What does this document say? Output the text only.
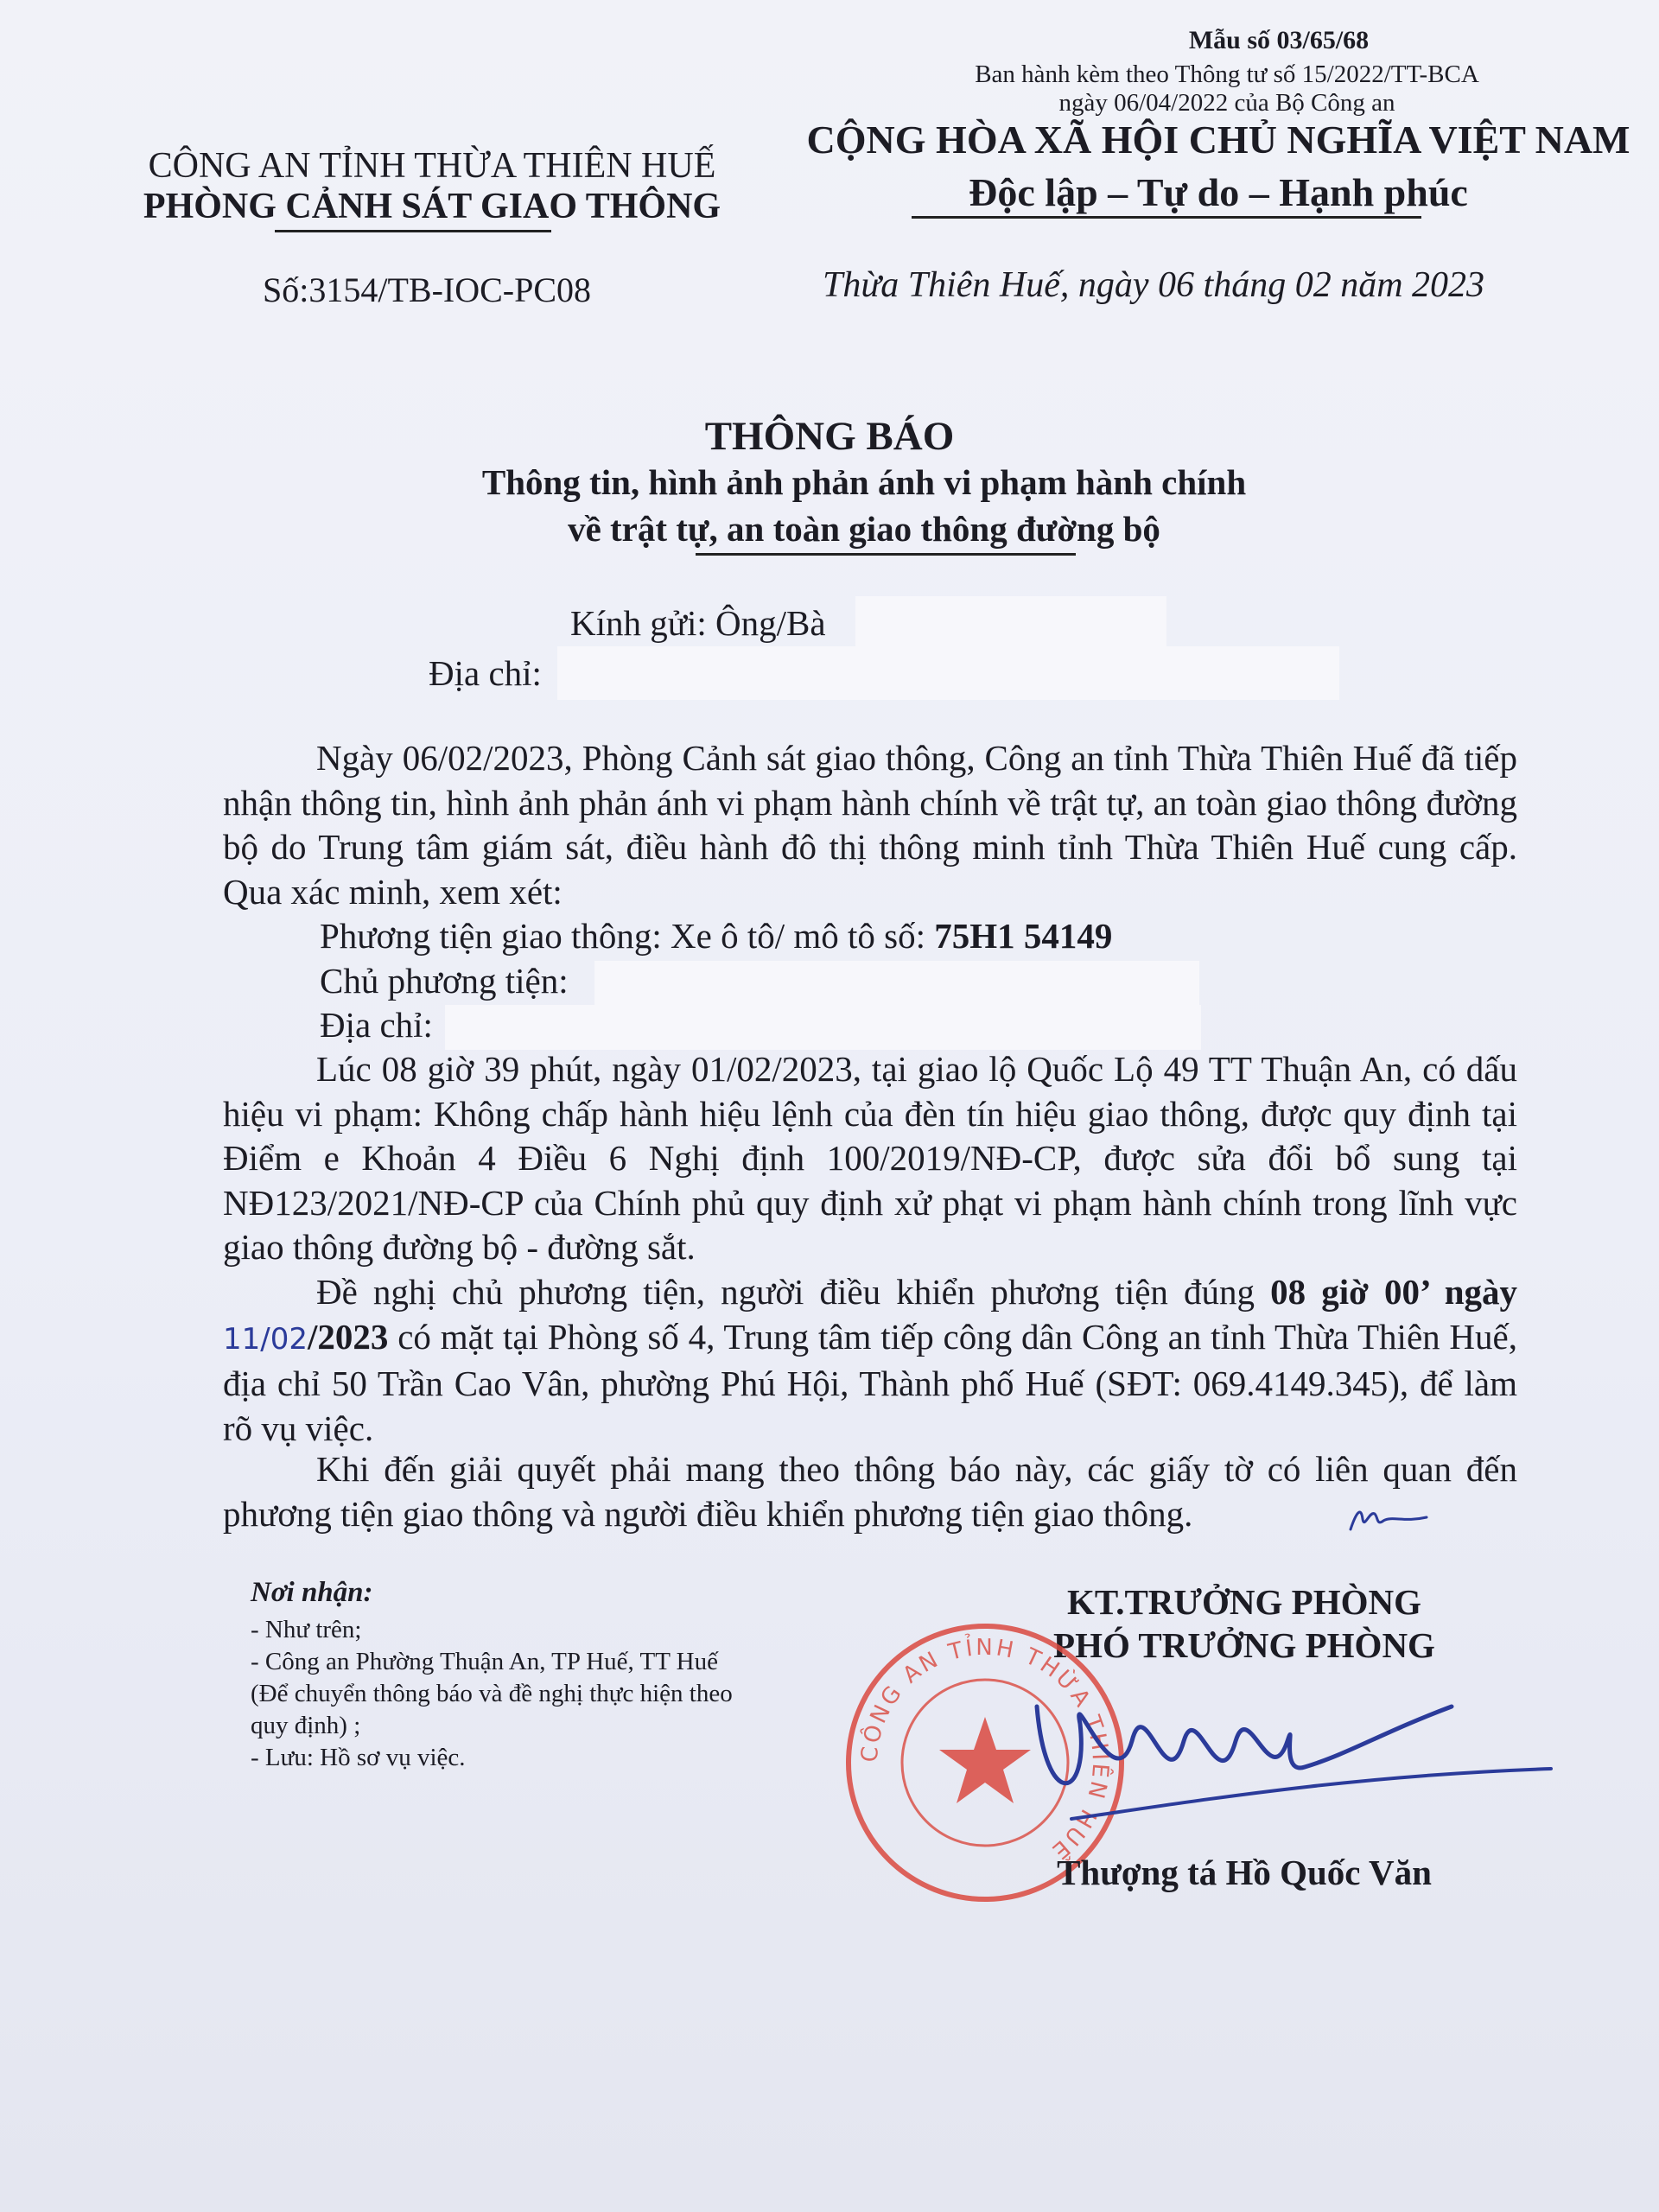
Mẫu số 03/65/68
Ban hành kèm theo Thông tư số 15/2022/TT-BCA
ngày 06/04/2022 của Bộ Công an
CÔNG AN TỈNH THỪA THIÊN HUẾ
PHÒNG CẢNH SÁT GIAO THÔNG
CỘNG HÒA XÃ HỘI CHỦ NGHĨA VIỆT NAM
Độc lập – Tự do – Hạnh phúc
Số:3154/TB-IOC-PC08	Thừa Thiên Huế, ngày 06 tháng 02 năm 2023
THÔNG BÁO
Thông tin, hình ảnh phản ánh vi phạm hành chính
về trật tự, an toàn giao thông đường bộ
Kính gửi: Ông/Bà
Địa chỉ:

Ngày 06/02/2023, Phòng Cảnh sát giao thông, Công an tỉnh Thừa Thiên Huế đã tiếp nhận thông tin, hình ảnh phản ánh vi phạm hành chính về trật tự, an toàn giao thông đường bộ do Trung tâm giám sát, điều hành đô thị thông minh tỉnh Thừa Thiên Huế cung cấp. Qua xác minh, xem xét:

Phương tiện giao thông: Xe ô tô/ mô tô số: 75H1 54149

Chủ phương tiện:

Địa chỉ:

Lúc 08 giờ 39 phút, ngày 01/02/2023, tại giao lộ Quốc Lộ 49 TT Thuận An, có dấu hiệu vi phạm: Không chấp hành hiệu lệnh của đèn tín hiệu giao thông, được quy định tại Điểm e Khoản 4 Điều 6 Nghị định 100/2019/NĐ-CP, được sửa đổi bổ sung tại NĐ123/2021/NĐ-CP của Chính phủ quy định xử phạt vi phạm hành chính trong lĩnh vực giao thông đường bộ - đường sắt.

Đề nghị chủ phương tiện, người điều khiển phương tiện đúng 08 giờ 00’ ngày 11/02/2023 có mặt tại Phòng số 4, Trung tâm tiếp công dân Công an tỉnh Thừa Thiên Huế, địa chỉ 50 Trần Cao Vân, phường Phú Hội, Thành phố Huế (SĐT: 069.4149.345), để làm rõ vụ việc.

Khi đến giải quyết phải mang theo thông báo này, các giấy tờ có liên quan đến phương tiện giao thông và người điều khiển phương tiện giao thông.

Nơi nhận:
- Như trên;
- Công an Phường Thuận An, TP Huế, TT Huế
(Để chuyển thông báo và đề nghị thực hiện theo
quy định) ;
- Lưu: Hồ sơ vụ việc.
KT.TRƯỞNG PHÒNG
PHÓ TRƯỞNG PHÒNG
CÔNG AN TỈNH THỪA THIÊN HUẾ
Thượng tá Hồ Quốc Văn
